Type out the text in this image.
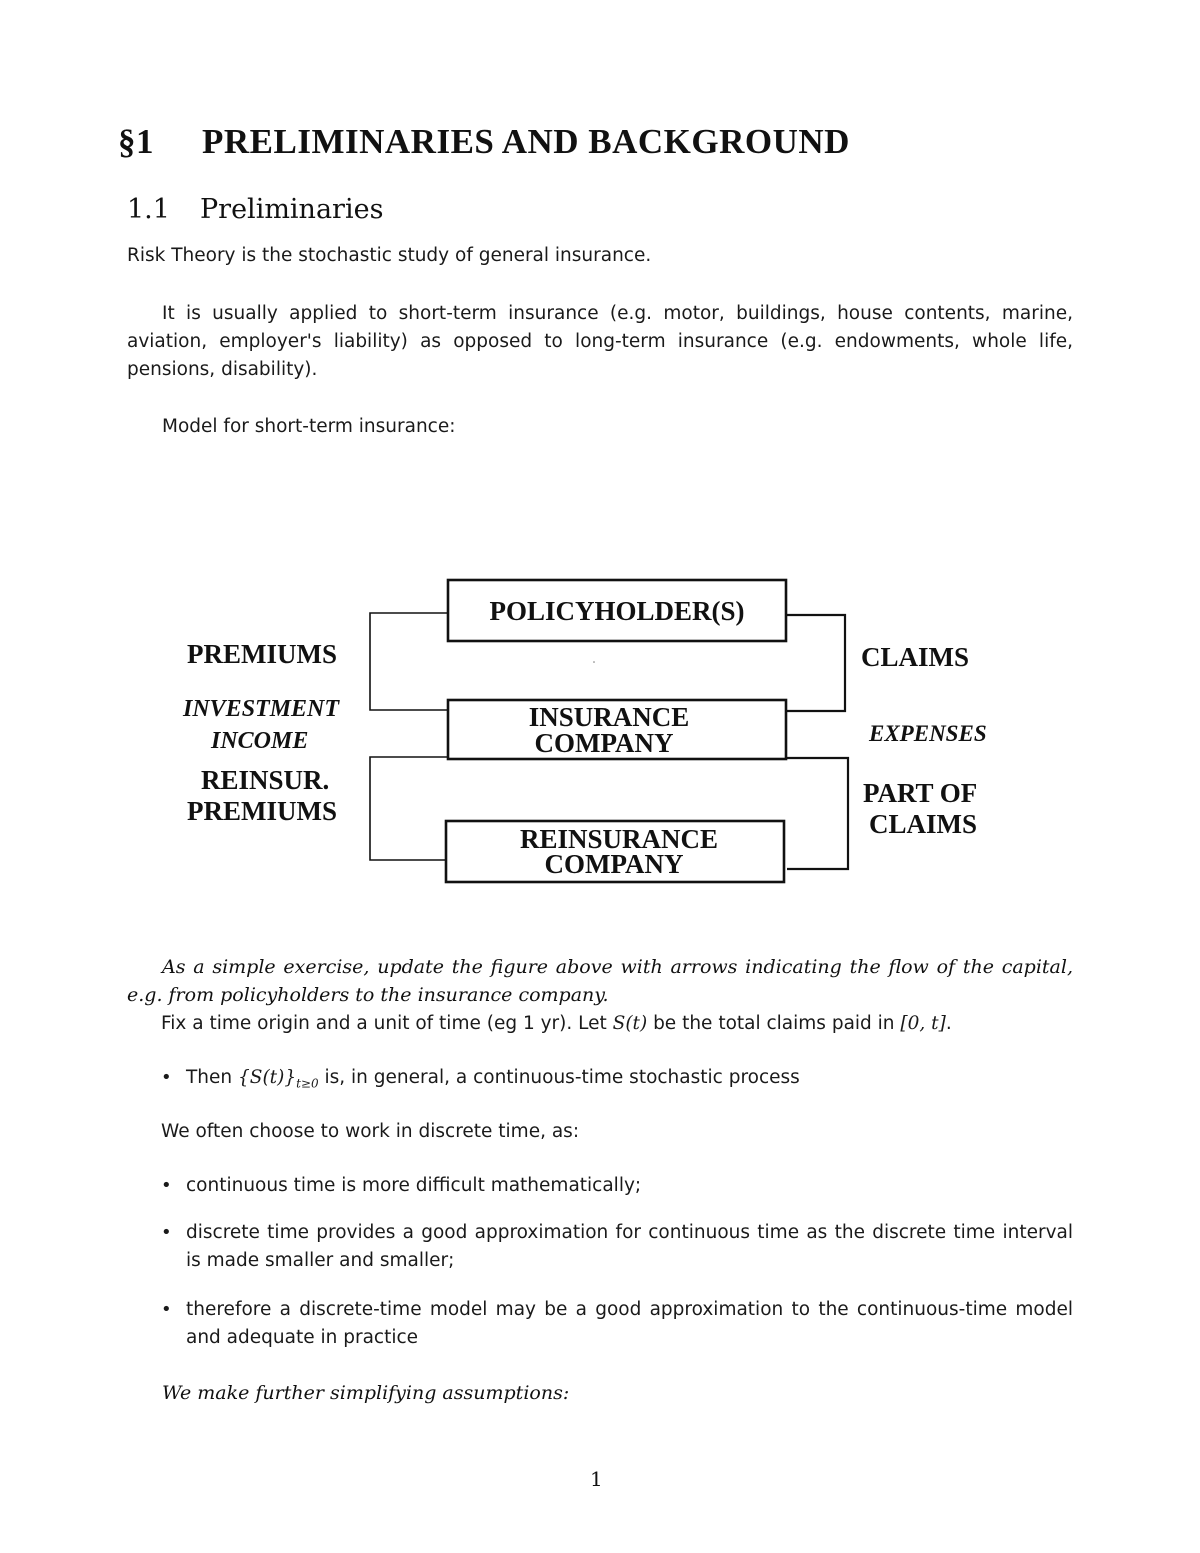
§1 PRELIMINARIES AND BACKGROUND
1.1 Preliminaries

Risk Theory is the stochastic study of general insurance.

It is usually applied to short-term insurance (e.g. motor, buildings, house contents, marine, aviation, employer's liability) as opposed to long-term insurance (e.g. endowments, whole life, pensions, disability).

Model for short-term insurance:

POLICYHOLDER(S)
INSURANCE
COMPANY
REINSURANCE
COMPANY
PREMIUMS
INVESTMENT
INCOME
REINSUR.
PREMIUMS
CLAIMS
EXPENSES
PART OF
CLAIMS

As a simple exercise, update the figure above with arrows indicating the flow of the capital, e.g. from policyholders to the insurance company.

Fix a time origin and a unit of time (eg 1 yr). Let S(t) be the total claims paid in [0, t].

• Then $\{S(t)\}_{t\ge 0}$ is, in general, a continuous-time stochastic process

We often choose to work in discrete time, as:

• continuous time is more difficult mathematically;

• discrete time provides a good approximation for continuous time as the discrete time interval is made smaller and smaller;

• therefore a discrete-time model may be a good approximation to the continuous-time model and adequate in practice

We make further simplifying assumptions:

1
